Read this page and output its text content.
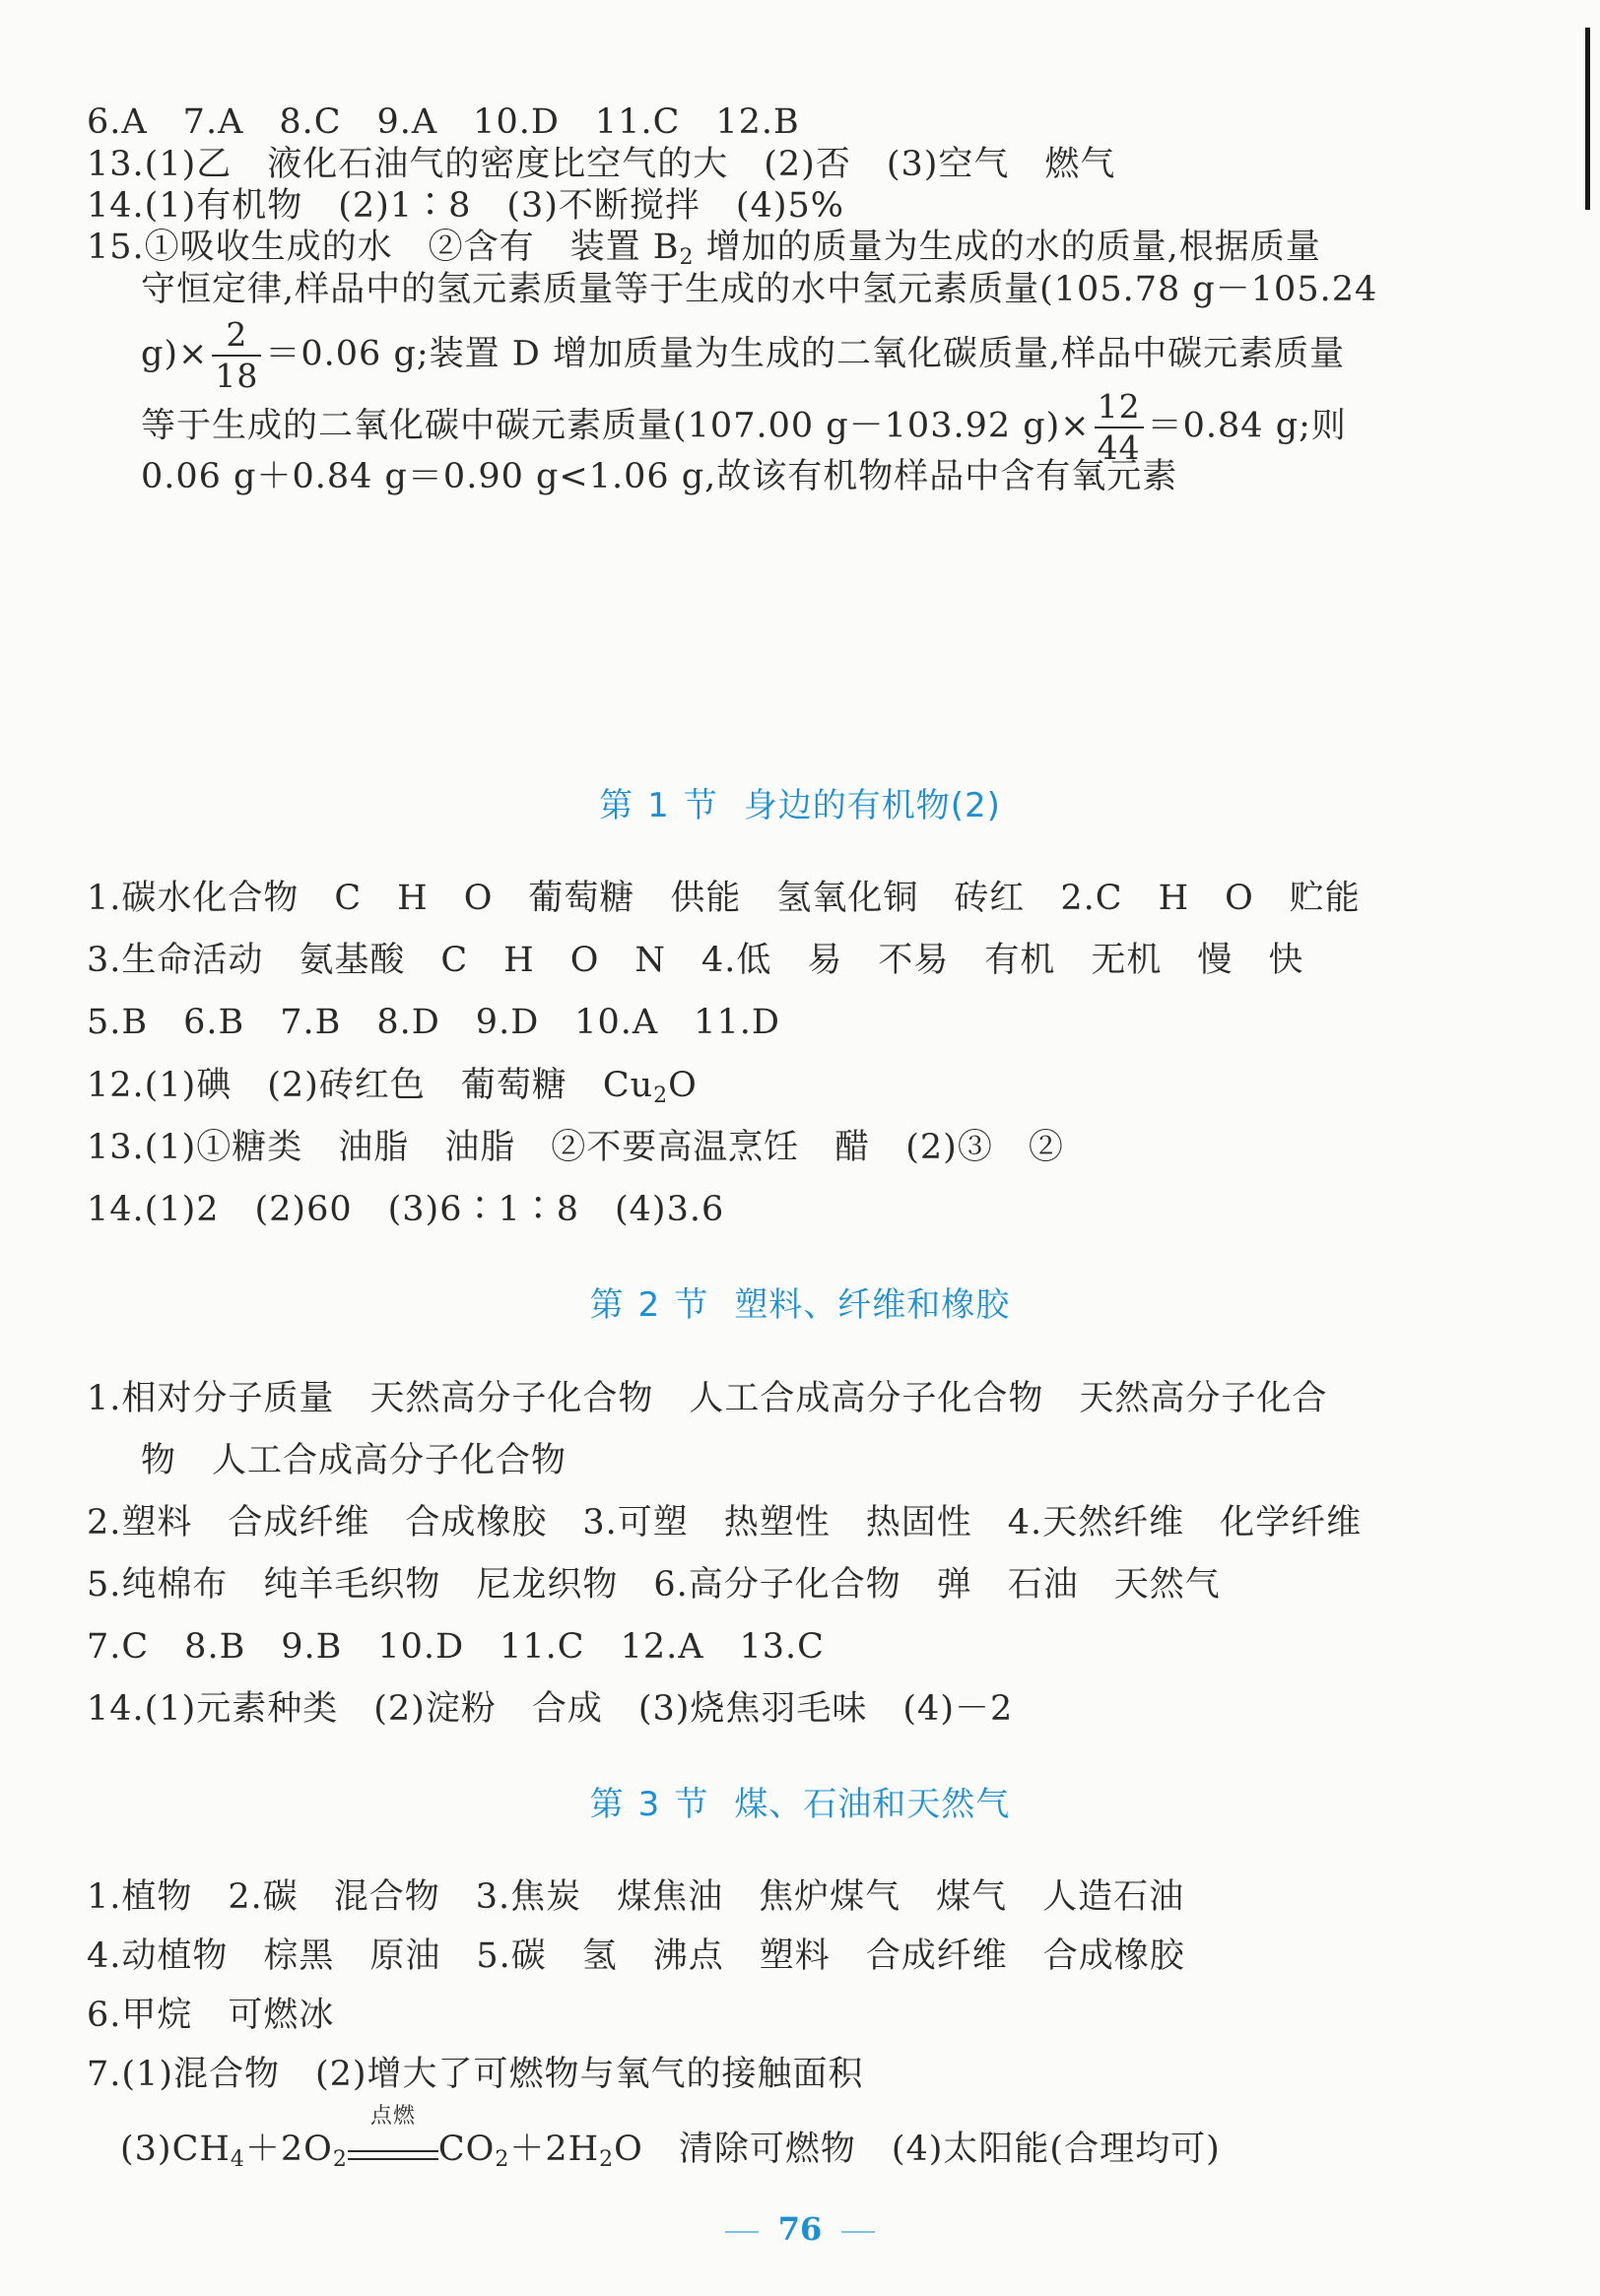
6.A　7.A　8.C　9.A　10.D　11.C　12.B
13.(1)乙　液化石油气的密度比空气的大　(2)否　(3)空气　燃气
14.(1)有机物　(2)1∶8　(3)不断搅拌　(4)5%
15.①吸收生成的水　②含有　装置 $B_2$ 增加的质量为生成的水的质量,根据质量
守恒定律,样品中的氢元素质量等于生成的水中氢元素质量(105.78 g－105.24
$g)\times \frac{2}{18} =0.06$ g;装置 D 增加质量为生成的二氧化碳质量,样品中碳元素质量
等于生成的二氧化碳中碳元素质量(107.00 g－103.92 $g)\times \frac{12}{44} =0.84$ g;则
0.06 g＋0.84 g＝0.90 g<1.06 g,故该有机物样品中含有氧元素
第 1 节 身边的有机物(2)
1.碳水化合物　C　H　O　葡萄糖　供能　氢氧化铜　砖红　2.C　H　O　贮能
3.生命活动　氨基酸　C　H　O　N　4.低　易　不易　有机　无机　慢　快
5.B　6.B　7.B　8.D　9.D　10.A　11.D
12.(1)碘　(2)砖红色　葡萄糖　$Cu_2O$
13.(1)①糖类　油脂　油脂　②不要高温烹饪　醋　(2)③　②
14.(1)2　(2)60　(3)6∶1∶8　(4)3.6
第 2 节 塑料、纤维和橡胶
1.相对分子质量　天然高分子化合物　人工合成高分子化合物　天然高分子化合
物　人工合成高分子化合物
2.塑料　合成纤维　合成橡胶　3.可塑　热塑性　热固性　4.天然纤维　化学纤维
5.纯棉布　纯羊毛织物　尼龙织物　6.高分子化合物　弹　石油　天然气
7.C　8.B　9.B　10.D　11.C　12.A　13.C
14.(1)元素种类　(2)淀粉　合成　(3)烧焦羽毛味　(4)－2
第 3 节 煤、石油和天然气
1.植物　2.碳　混合物　3.焦炭　煤焦油　焦炉煤气　煤气　人造石油
4.动植物　棕黑　原油　5.碳　氢　沸点　塑料　合成纤维　合成橡胶
6.甲烷　可燃冰
7.(1)混合物　(2)增大了可燃物与氧气的接触面积
$(3)CH_4+2O_2$
点燃
$CO_2+2H_2O$　清除可燃物　(4)太阳能(合理均可)
76
